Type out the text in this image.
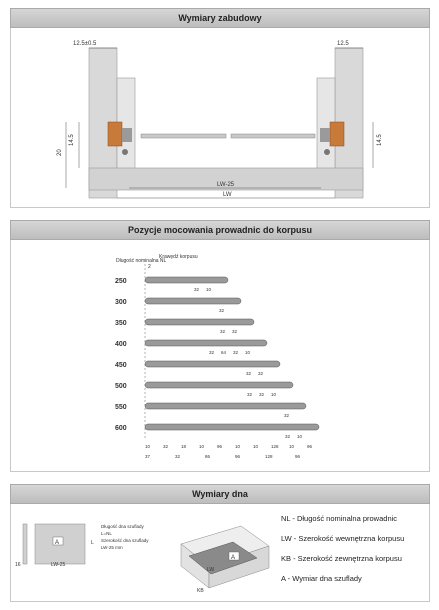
Wymiary zabudowy
12.5±0.5	12.5
14.5
20
14.5
LW-25
LW
Pozycje mocowania prowadnic do korpusu
Długość nominalna NL
Krawędź korpusu
2
250
10
32
300
32
350
32
32
400
10
32
64
32
450
32
32
500
10
32
32
550
32
600
10
32
10	32	18	10	96	10	10	128 10	96
37	32	86	96	128	96
Wymiary dna
A	L
16	LW-25
Długość dna szuflady
L=NL
Szerokość dna szuflady
LW-25 mm
A
LW
KB
NL - Długość nominalna prowadnic
LW - Szerokość wewnętrzna korpusu
KB - Szerokość zewnętrzna korpusu
A - Wymiar dna szuflady
